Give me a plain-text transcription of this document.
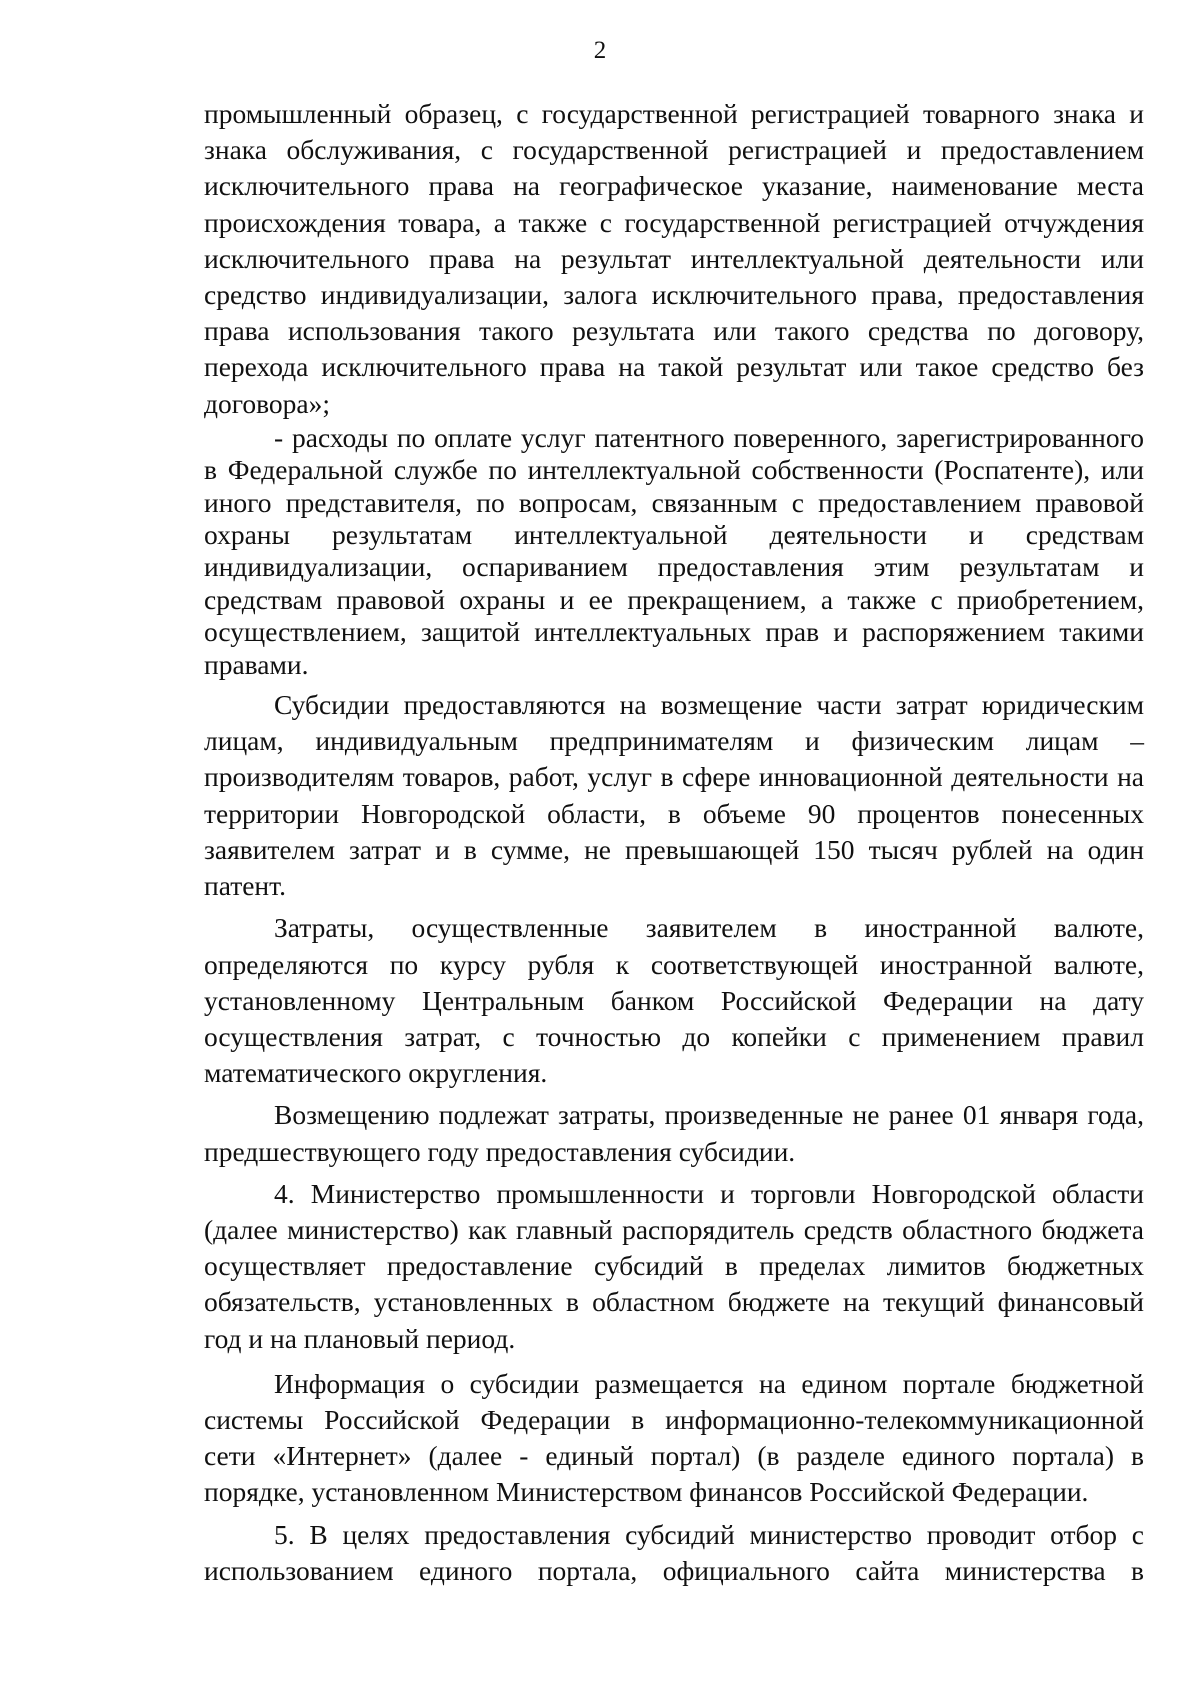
2

промышленный образец, с государственной регистрацией товарного знака и знака обслуживания, с государственной регистрацией и предоставлением исключительного права на географическое указание, наименование места происхождения товара, а также с государственной регистрацией отчуждения исключительного права на результат интеллектуальной деятельности или средство индивидуализации, залога исключительного права, предоставления права использования такого результата или такого средства по договору, перехода исключительного права на такой результат или такое средство без договора»;

- расходы по оплате услуг патентного поверенного, зарегистрированного в Федеральной службе по интеллектуальной собственности (Роспатенте), или иного представителя, по вопросам, связанным с предоставлением правовой охраны результатам интеллектуальной деятельности и средствам индивидуализации, оспариванием предоставления этим результатам и средствам правовой охраны и ее прекращением, а также с приобретением, осуществлением, защитой интеллектуальных прав и распоряжением такими правами.

Субсидии предоставляются на возмещение части затрат юридическим лицам, индивидуальным предпринимателям и физическим лицам – производителям товаров, работ, услуг в сфере инновационной деятельности на территории Новгородской области, в объеме 90 процентов понесенных заявителем затрат и в сумме, не превышающей 150 тысяч рублей на один патент.

Затраты, осуществленные заявителем в иностранной валюте, определяются по курсу рубля к соответствующей иностранной валюте, установленному Центральным банком Российской Федерации на дату осуществления затрат, с точностью до копейки с применением правил математического округления.

Возмещению подлежат затраты, произведенные не ранее 01 января года, предшествующего году предоставления субсидии.

4. Министерство промышленности и торговли Новгородской области (далее министерство) как главный распорядитель средств областного бюджета осуществляет предоставление субсидий в пределах лимитов бюджетных обязательств, установленных в областном бюджете на текущий финансовый год и на плановый период.

Информация о субсидии размещается на едином портале бюджетной системы Российской Федерации в информационно-телекоммуникационной сети «Интернет» (далее - единый портал) (в разделе единого портала) в порядке, установленном Министерством финансов Российской Федерации.

5. В целях предоставления субсидий министерство проводит отбор с использованием единого портала, официального сайта министерства в
